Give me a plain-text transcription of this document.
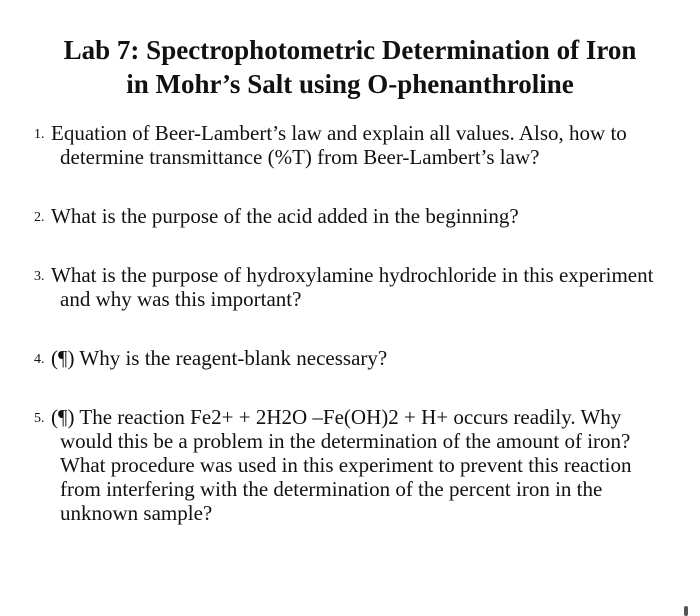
Lab 7: Spectrophotometric Determination of Iron
in Mohr’s Salt using O-phenanthroline
1. Equation of Beer-Lambert’s law and explain all values. Also, how to determine transmittance (%T) from Beer-Lambert’s law?
2. What is the purpose of the acid added in the beginning?
3. What is the purpose of hydroxylamine hydrochloride in this experiment and why was this important?
4. (¶) Why is the reagent-blank necessary?
5. (¶) The reaction Fe2+ + 2H2O –Fe(OH)2 + H+ occurs readily. Why would this be a problem in the determination of the amount of iron? What procedure was used in this experiment to prevent this reaction from interfering with the determination of the percent iron in the unknown sample?
